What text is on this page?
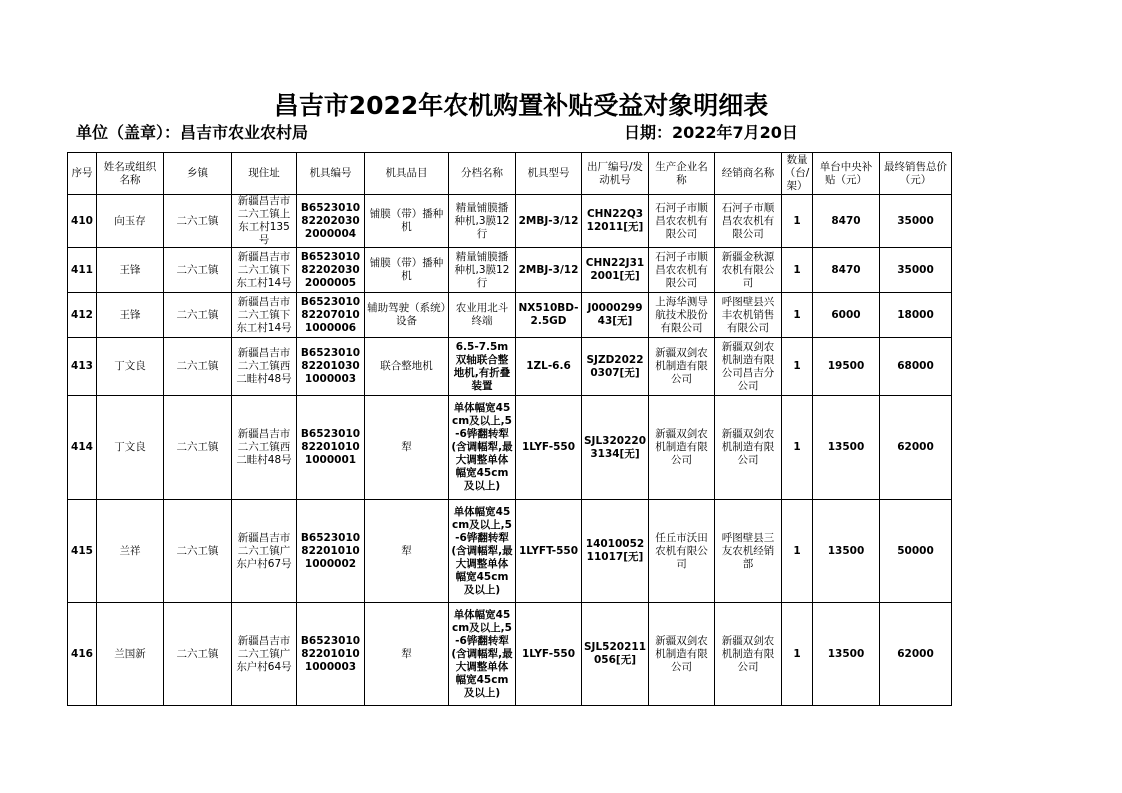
昌吉市2022年农机购置补贴受益对象明细表
单位（盖章）：昌吉市农业农村局	日期：2022年7月20日
序号	姓名或组织名称	乡镇	现住址	机具编号	机具品目	分档名称	机具型号	出厂编号/发动机号	生产企业名称	经销商名称	数量（台/架）	单台中央补贴（元）	最终销售总价（元）
410	向玉存	二六工镇	新疆昌吉市二六工镇上东工村135号	B6523010822020302000004	铺膜（带）播种机	精量铺膜播种机,3膜12行	2MBJ-3/12	CHN22Q312011[无]	石河子市顺昌农农机有限公司	石河子市顺昌农农机有限公司	1	8470	35000
411	王锋	二六工镇	新疆昌吉市二六工镇下东工村14号	B6523010822020302000005	铺膜（带）播种机	精量铺膜播种机,3膜12行	2MBJ-3/12	CHN22J312001[无]	石河子市顺昌农农机有限公司	新疆金秋源农机有限公司	1	8470	35000
412	王锋	二六工镇	新疆昌吉市二六工镇下东工村14号	B6523010822070101000006	辅助驾驶（系统）设备	农业用北斗终端	NX510BD-2.5GD	J000029943[无]	上海华测导航技术股份有限公司	呼图壁县兴丰农机销售有限公司	1	6000	18000
413	丁文良	二六工镇	新疆昌吉市二六工镇西二畦村48号	B6523010822010301000003	联合整地机	6.5-7.5m双轴联合整地机,有折叠装置	1ZL-6.6	SJZD20220307[无]	新疆双剑农机制造有限公司	新疆双剑农机制造有限公司昌吉分公司	1	19500	68000
414	丁文良	二六工镇	新疆昌吉市二六工镇西二畦村48号	B6523010822010101000001	犁	单体幅宽45cm及以上,5-6铧翻转犁(含调幅犁,最大调整单体幅宽45cm及以上)	1LYF-550	SJL3202203134[无]	新疆双剑农机制造有限公司	新疆双剑农机制造有限公司	1	13500	62000
415	兰祥	二六工镇	新疆昌吉市二六工镇广东户村67号	B6523010822010101000002	犁	单体幅宽45cm及以上,5-6铧翻转犁(含调幅犁,最大调整单体幅宽45cm及以上)	1LYFT-550	1401005211017[无]	任丘市沃田农机有限公司	呼图壁县三友农机经销部	1	13500	50000
416	兰国新	二六工镇	新疆昌吉市二六工镇广东户村64号	B6523010822010101000003	犁	单体幅宽45cm及以上,5-6铧翻转犁(含调幅犁,最大调整单体幅宽45cm及以上)	1LYF-550	SJL520211056[无]	新疆双剑农机制造有限公司	新疆双剑农机制造有限公司	1	13500	62000
